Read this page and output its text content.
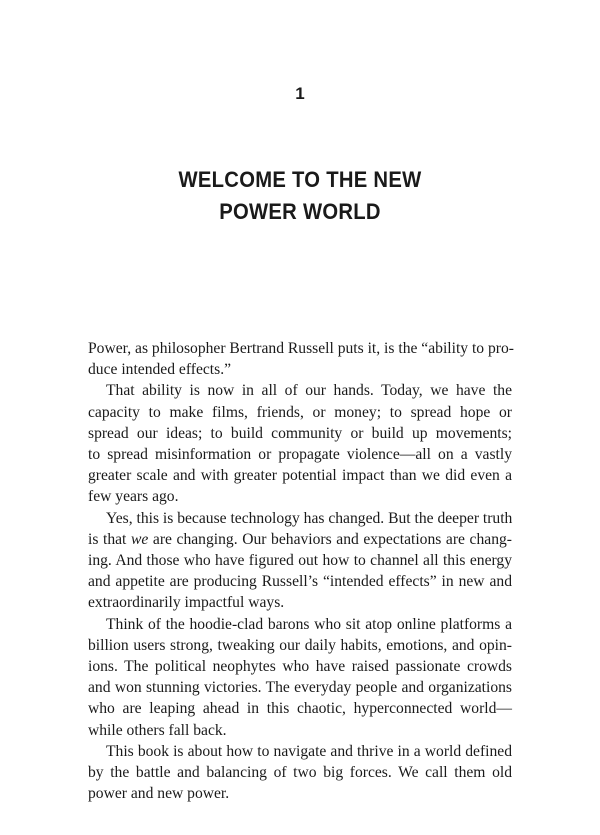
1
WELCOME TO THE NEW
POWER WORLD
Power, as philosopher Bertrand Russell puts it, is the “ability to pro-
duce intended effects.”
That ability is now in all of our hands. Today, we have the
capacity to make films, friends, or money; to spread hope or
spread our ideas; to build community or build up movements;
to spread misinformation or propagate violence—all on a vastly
greater scale and with greater potential impact than we did even a
few years ago.
Yes, this is because technology has changed. But the deeper truth
is that we are changing. Our behaviors and expectations are chang-
ing. And those who have figured out how to channel all this energy
and appetite are producing Russell’s “intended effects” in new and
extraordinarily impactful ways.
Think of the hoodie-clad barons who sit atop online platforms a
billion users strong, tweaking our daily habits, emotions, and opin-
ions. The political neophytes who have raised passionate crowds
and won stunning victories. The everyday people and organizations
who are leaping ahead in this chaotic, hyperconnected world—
while others fall back.
This book is about how to navigate and thrive in a world defined
by the battle and balancing of two big forces. We call them old
power and new power.
